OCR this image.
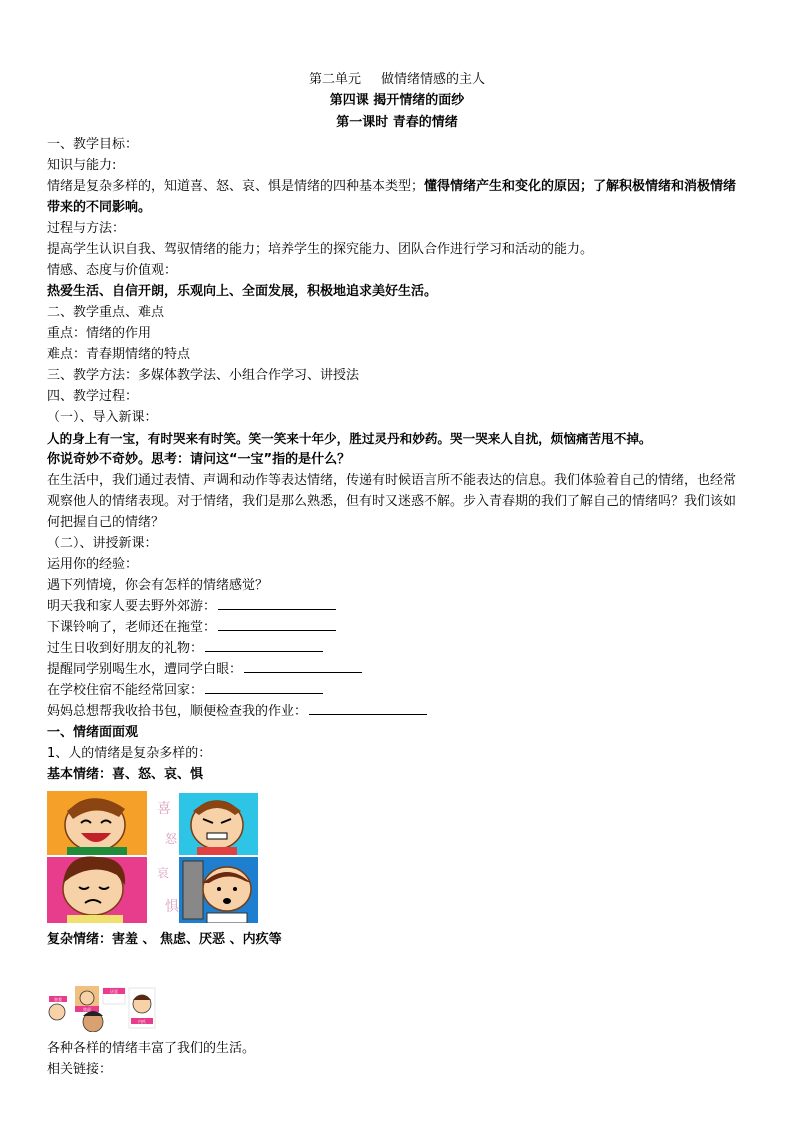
第二单元 做情绪情感的主人
第四课 揭开情绪的面纱
第一课时 青春的情绪
一、教学目标：
知识与能力:
情绪是复杂多样的，知道喜、怒、哀、惧是情绪的四种基本类型；懂得情绪产生和变化的原因；了解积极情绪和消极情绪带来的不同影响。
过程与方法：
提高学生认识自我、驾驭情绪的能力；培养学生的探究能力、团队合作进行学习和活动的能力。
情感、态度与价值观：
热爱生活、自信开朗，乐观向上、全面发展，积极地追求美好生活。
二、教学重点、难点
重点：情绪的作用
难点：青春期情绪的特点
三、教学方法：多媒体教学法、小组合作学习、讲授法
四、教学过程：
（一）、导入新课：
人的身上有一宝，有时哭来有时笑。笑一笑来十年少，胜过灵丹和妙药。哭一哭来人自扰，烦恼痛苦甩不掉。
你说奇妙不奇妙。思考：请问这“一宝”指的是什么？
在生活中，我们通过表情、声调和动作等表达情绪，传递有时候语言所不能表达的信息。我们体验着自己的情绪，也经常观察他人的情绪表现。对于情绪，我们是那么熟悉，但有时又迷惑不解。步入青春期的我们了解自己的情绪吗？我们该如何把握自己的情绪？
（二）、讲授新课：
运用你的经验：
遇下列情境，你会有怎样的情绪感觉？
明天我和家人要去野外郊游：
下课铃响了，老师还在拖堂：
过生日收到好朋友的礼物：
提醒同学别喝生水，遭同学白眼：
在学校住宿不能经常回家：
妈妈总想帮我收拾书包，顺便检查我的作业：
一、情绪面面观
1、人的情绪是复杂多样的：
基本情绪：喜、怒、哀、惧
喜
怒
哀
惧
复杂情绪：害羞 、 焦虑、厌恶 、内疚等
害羞
焦虑
厌恶
内疚
各种各样的情绪丰富了我们的生活。
相关链接：
